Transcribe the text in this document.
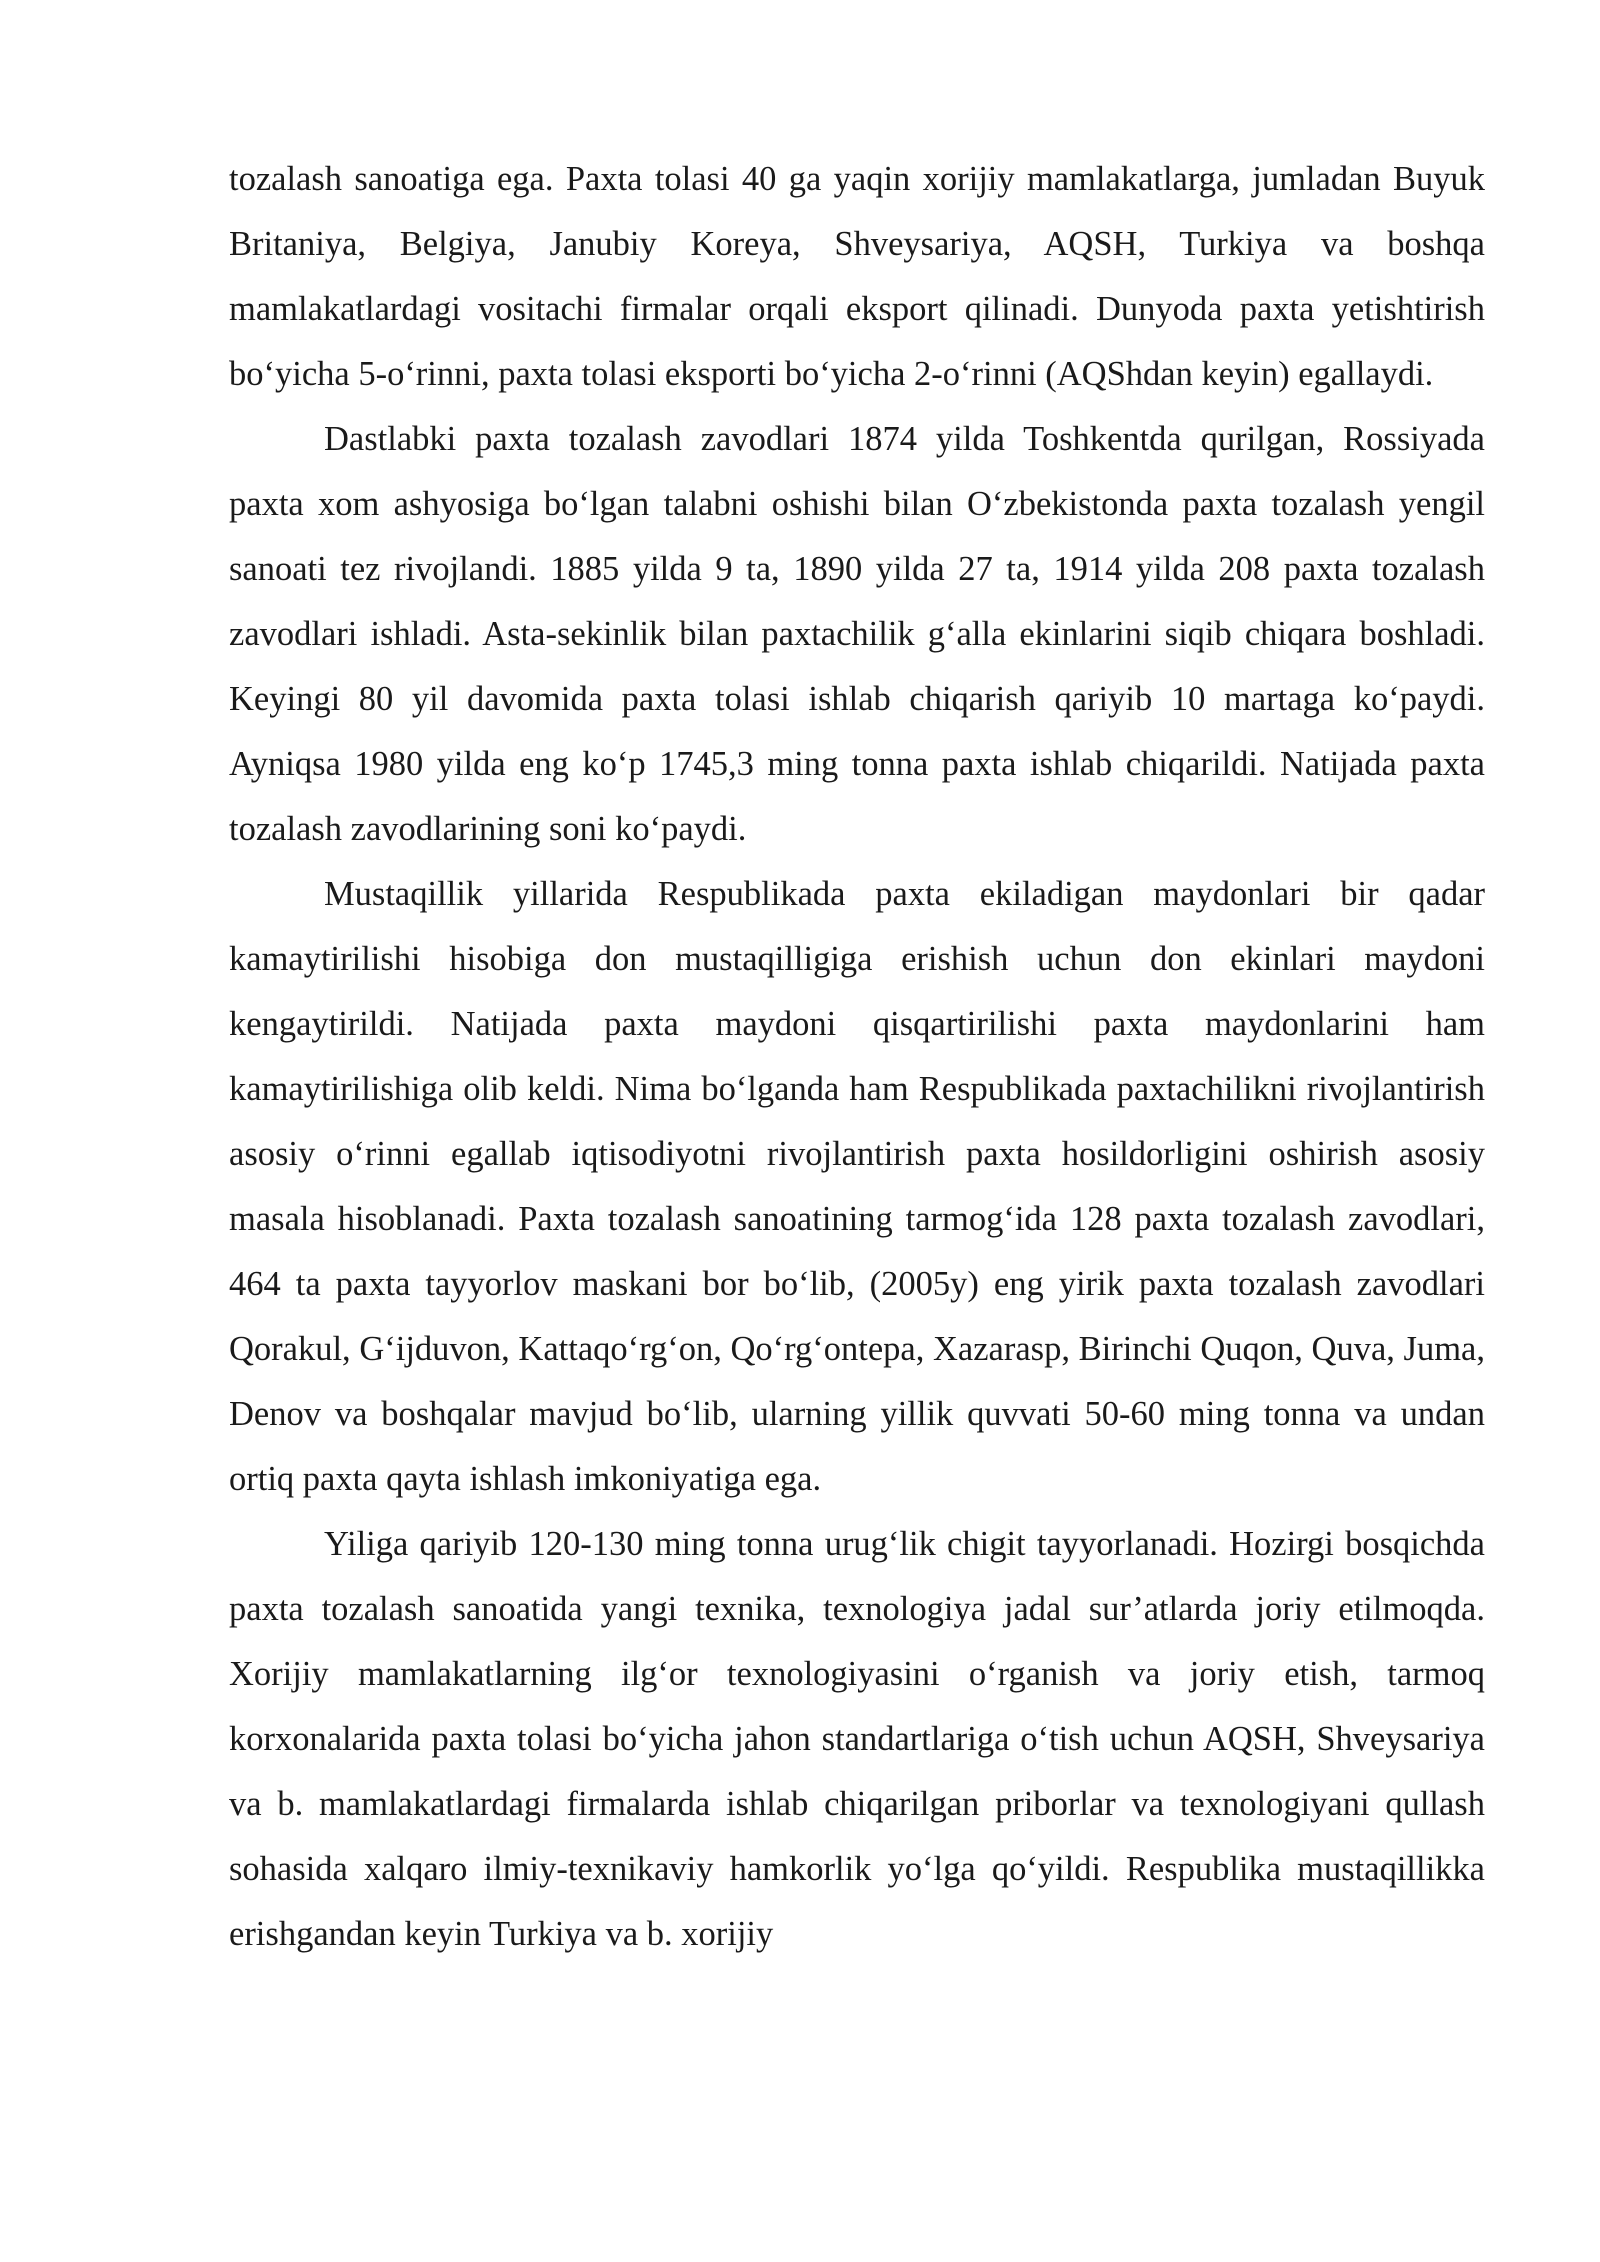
tozalash sanoatiga ega. Paxta tolasi 40 ga yaqin xorijiy mamlakatlarga, jumladan Buyuk Britaniya, Belgiya, Janubiy Koreya, Shveysariya, AQSH, Turkiya va boshqa mamlakatlardagi vositachi firmalar orqali eksport qilinadi. Dunyoda paxta yetishtirish bo‘yicha 5-o‘rinni, paxta tolasi eksporti bo‘yicha 2-o‘rinni (AQShdan keyin) egallaydi.

Dastlabki paxta tozalash zavodlari 1874 yilda Toshkentda qurilgan, Rossiyada paxta xom ashyosiga bo‘lgan talabni oshishi bilan O‘zbekistonda paxta tozalash yengil sanoati tez rivojlandi. 1885 yilda 9 ta, 1890 yilda 27 ta, 1914 yilda 208 paxta tozalash zavodlari ishladi. Asta-sekinlik bilan paxtachilik g‘alla ekinlarini siqib chiqara boshladi. Keyingi 80 yil davomida paxta tolasi ishlab chiqarish qariyib 10 martaga ko‘paydi. Ayniqsa 1980 yilda eng ko‘p 1745,3 ming tonna paxta ishlab chiqarildi. Natijada paxta tozalash zavodlarining soni ko‘paydi.

Mustaqillik yillarida Respublikada paxta ekiladigan maydonlari bir qadar kamaytirilishi hisobiga don mustaqilligiga erishish uchun don ekinlari maydoni kengaytirildi. Natijada paxta maydoni qisqartirilishi paxta maydonlarini ham kamaytirilishiga olib keldi. Nima bo‘lganda ham Respublikada paxtachilikni rivojlantirish asosiy o‘rinni egallab iqtisodiyotni rivojlantirish paxta hosildorligini oshirish asosiy masala hisoblanadi. Paxta tozalash sanoatining tarmog‘ida 128 paxta tozalash zavodlari, 464 ta paxta tayyorlov maskani bor bo‘lib, (2005y) eng yirik paxta tozalash zavodlari Qorakul, G‘ijduvon, Kattaqo‘rg‘on, Qo‘rg‘ontepa, Xazarasp, Birinchi Quqon, Quva, Juma, Denov va boshqalar mavjud bo‘lib, ularning yillik quvvati 50-60 ming tonna va undan ortiq paxta qayta ishlash imkoniyatiga ega.

Yiliga qariyib 120-130 ming tonna urug‘lik chigit tayyorlanadi. Hozirgi bosqichda paxta tozalash sanoatida yangi texnika, texnologiya jadal sur’atlarda joriy etilmoqda. Xorijiy mamlakatlarning ilg‘or texnologiyasini o‘rganish va joriy etish, tarmoq korxonalarida paxta tolasi bo‘yicha jahon standartlariga o‘tish uchun AQSH, Shveysariya va b. mamlakatlardagi firmalarda ishlab chiqarilgan priborlar va texnologiyani qullash sohasida xalqaro ilmiy-texnikaviy hamkorlik yo‘lga qo‘yildi. Respublika mustaqillikka erishgandan keyin Turkiya va b. xorijiy
